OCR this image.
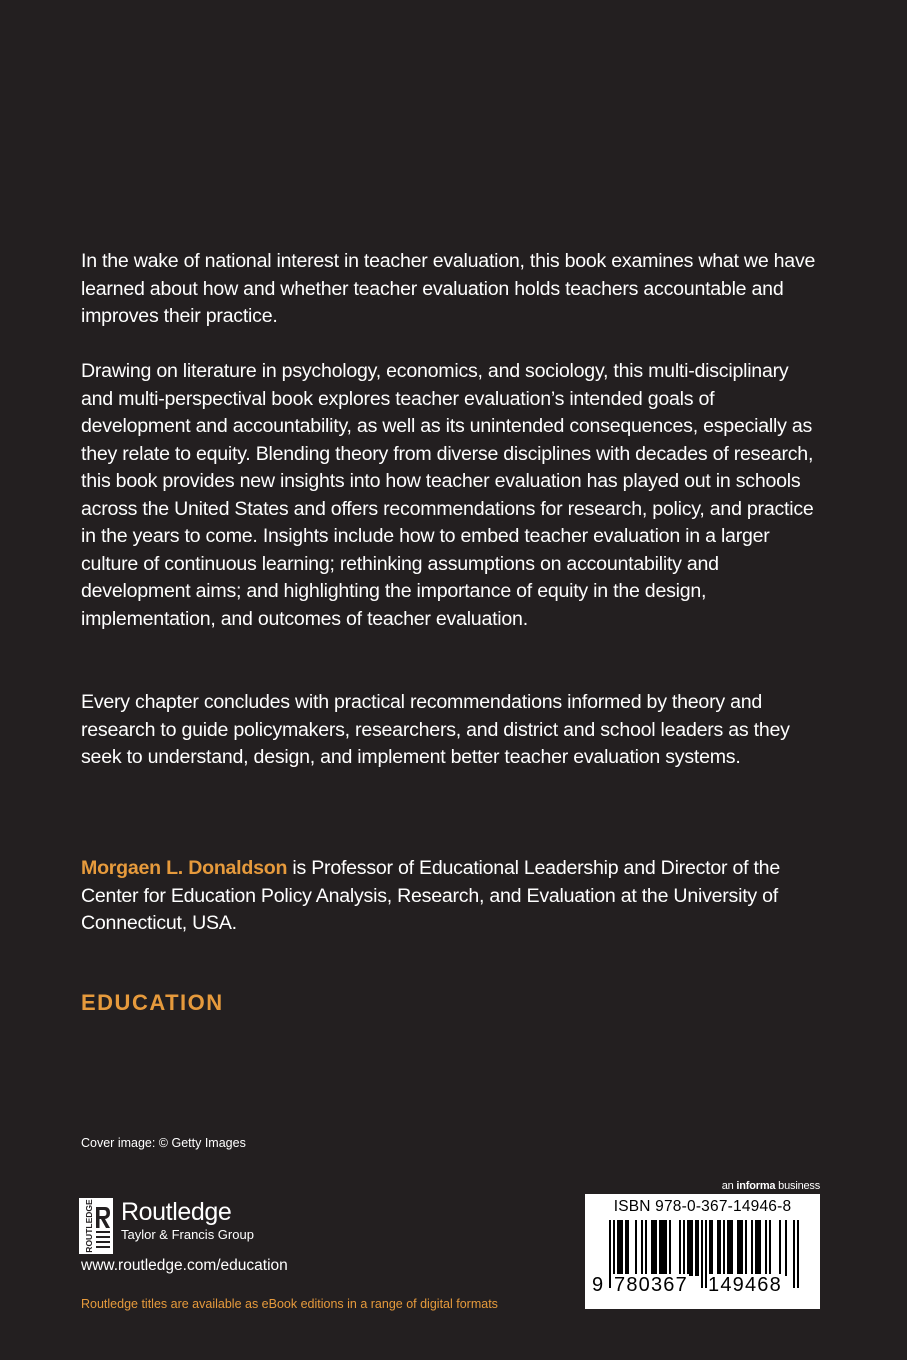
In the wake of national interest in teacher evaluation, this book examines what we have learned about how and whether teacher evaluation holds teachers accountable and improves their practice.

Drawing on literature in psychology, economics, and sociology, this multi-disciplinary and multi-perspectival book explores teacher evaluation’s intended goals of development and accountability, as well as its unintended consequences, especially as they relate to equity. Blending theory from diverse disciplines with decades of research, this book provides new insights into how teacher evaluation has played out in schools across the United States and offers recommendations for research, policy, and practice in the years to come. Insights include how to embed teacher evaluation in a larger culture of continuous learning; rethinking assumptions on accountability and development aims; and highlighting the importance of equity in the design, implementation, and outcomes of teacher evaluation.

Every chapter concludes with practical recommendations informed by theory and research to guide policymakers, researchers, and district and school leaders as they seek to understand, design, and implement better teacher evaluation systems.

Morgaen L. Donaldson is Professor of Educational Leadership and Director of the Center for Education Policy Analysis, Research, and Evaluation at the University of Connecticut, USA.

EDUCATION
Cover image: © Getty Images
ROUTLEDGE Routledge
Taylor & Francis Group
www.routledge.com/education
Routledge titles are available as eBook editions in a range of digital formats
an informa business
ISBN 978-0-367-14946-8
9 780367 149468
